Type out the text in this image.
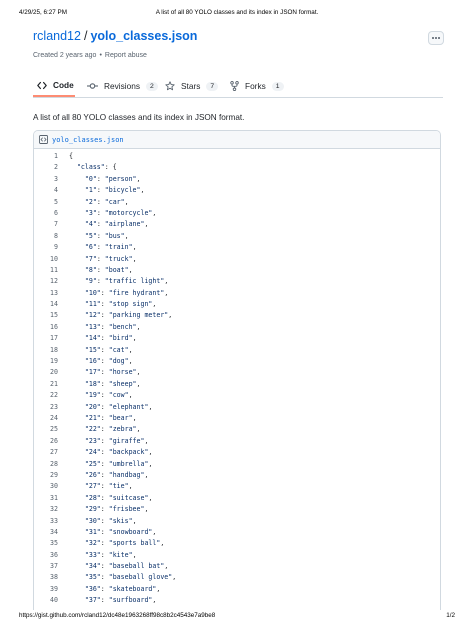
4/29/25, 6:27 PM	A list of all 80 YOLO classes and its index in JSON format.
rcland12 / yolo_classes.json
Created 2 years ago • Report abuse
Code	Revisions	2	Stars	7	Forks	1
A list of all 80 YOLO classes and its index in JSON format.
yolo_classes.json
1 {
2	"class": {
3	"0": "person",
4	"1": "bicycle",
5	"2": "car",
6	"3": "motorcycle",
7	"4": "airplane",
8	"5": "bus",
9	"6": "train",
10	"7": "truck",
11	"8": "boat",
12	"9": "traffic light",
13	"10": "fire hydrant",
14	"11": "stop sign",
15	"12": "parking meter",
16	"13": "bench",
17	"14": "bird",
18	"15": "cat",
19	"16": "dog",
20	"17": "horse",
21	"18": "sheep",
22	"19": "cow",
23	"20": "elephant",
24	"21": "bear",
25	"22": "zebra",
26	"23": "giraffe",
27	"24": "backpack",
28	"25": "umbrella",
29	"26": "handbag",
30	"27": "tie",
31	"28": "suitcase",
32	"29": "frisbee",
33	"30": "skis",
34	"31": "snowboard",
35	"32": "sports ball",
36	"33": "kite",
37	"34": "baseball bat",
38	"35": "baseball glove",
39	"36": "skateboard",
40	"37": "surfboard",
https://gist.github.com/rcland12/dc48e1963268ff98c8b2c4543e7a9be8	1/2
